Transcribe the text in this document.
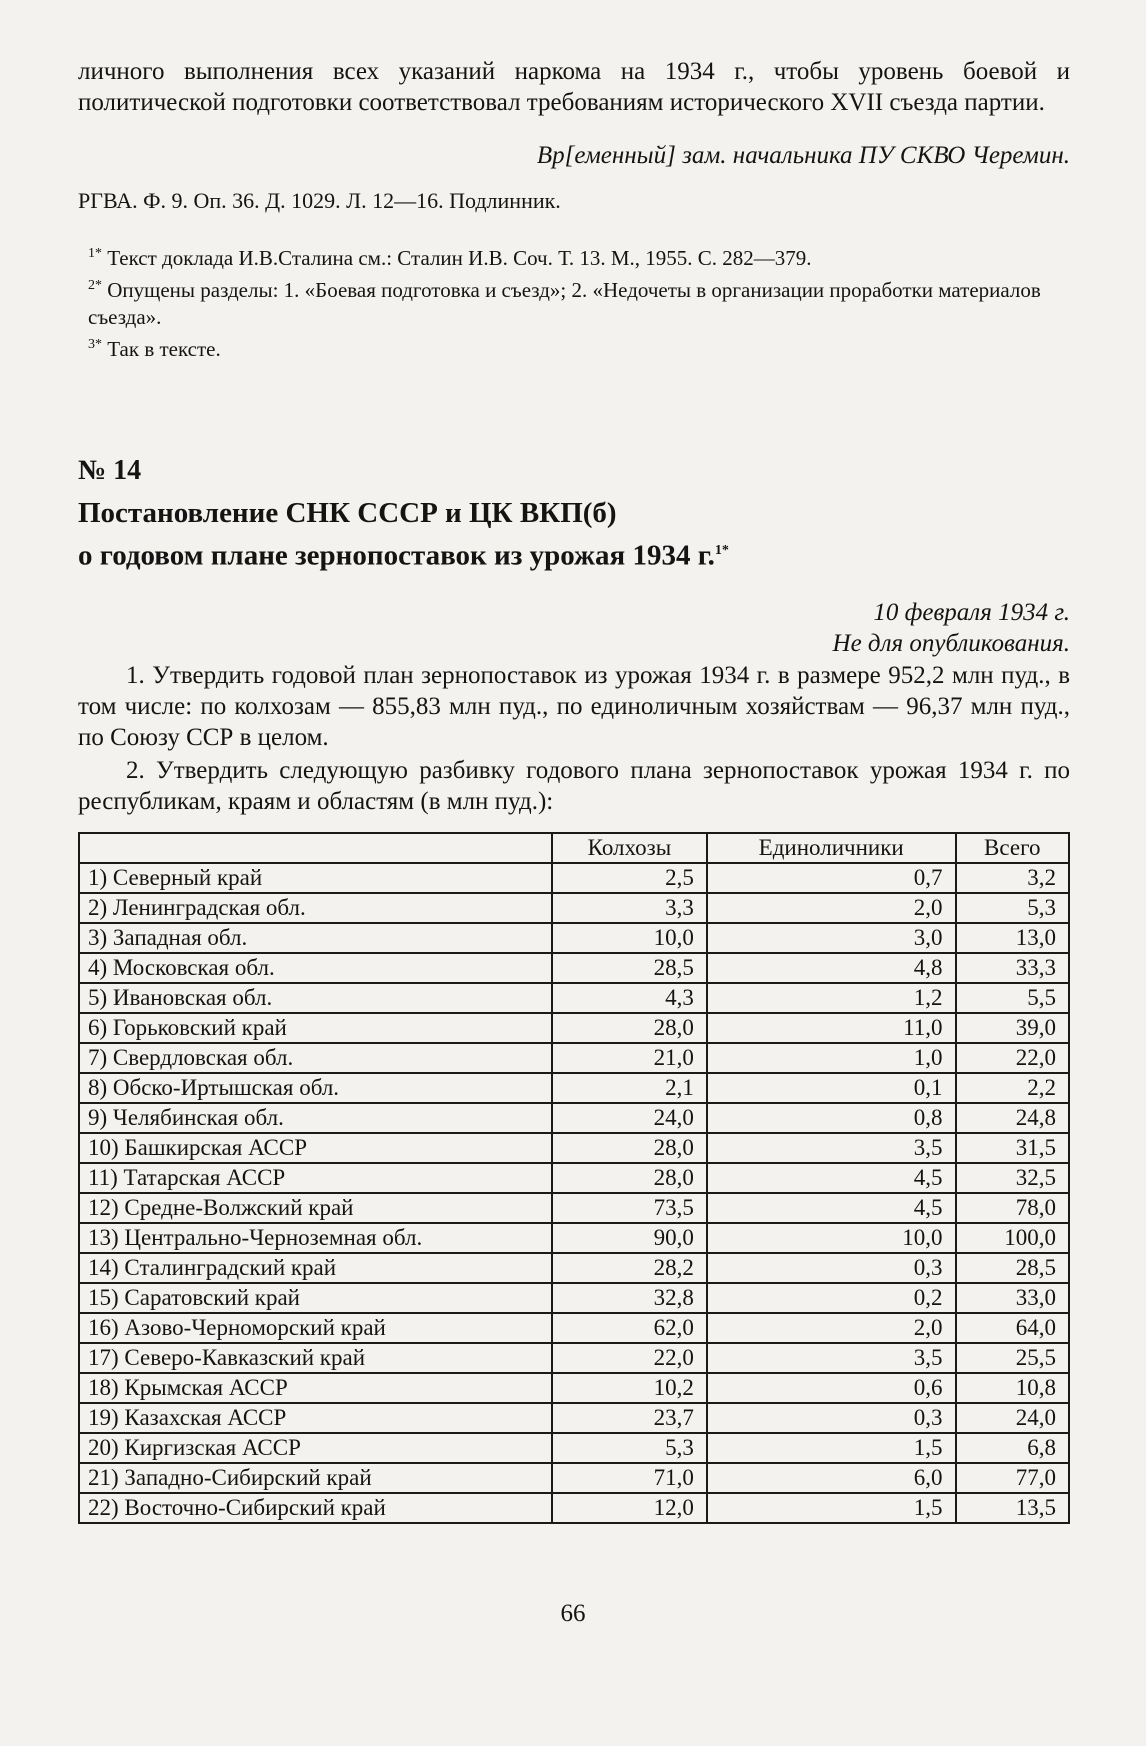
личного выполнения всех указаний наркома на 1934 г., чтобы уровень боевой и политической подготовки соответствовал требованиям исторического XVII съезда партии.

Вр[еменный] зам. начальника ПУ СКВО Черемин.

РГВА. Ф. 9. Оп. 36. Д. 1029. Л. 12—16. Подлинник.

$^{1*}$ Текст доклада И.В.Сталина см.: Сталин И.В. Соч. Т. 13. М., 1955. С. 282—379.

$^{2*}$ Опущены разделы: 1. «Боевая подготовка и съезд»; 2. «Недочеты в организации проработки материалов съезда».

$^{3*}$ Так в тексте.

№ 14

Постановление СНК СССР и ЦК ВКП(б)

о годовом плане зернопоставок из урожая 1934 г.$^{1*}$

10 февраля 1934 г.

Не для опубликования.

1. Утвердить годовой план зернопоставок из урожая 1934 г. в размере 952,2 млн пуд., в том числе: по колхозам — 855,83 млн пуд., по единоличным хозяйствам — 96,37 млн пуд., по Союзу ССР в целом.

2. Утвердить следующую разбивку годового плана зернопоставок урожая 1934 г. по республикам, краям и областям (в млн пуд.):

	Колхозы	Единоличники	Всего
1) Северный край	2,5	0,7	3,2
2) Ленинградская обл.	3,3	2,0	5,3
3) Западная обл.	10,0	3,0	13,0
4) Московская обл.	28,5	4,8	33,3
5) Ивановская обл.	4,3	1,2	5,5
6) Горьковский край	28,0	11,0	39,0
7) Свердловская обл.	21,0	1,0	22,0
8) Обско-Иртышская обл.	2,1	0,1	2,2
9) Челябинская обл.	24,0	0,8	24,8
10) Башкирская АССР	28,0	3,5	31,5
11) Татарская АССР	28,0	4,5	32,5
12) Средне-Волжский край	73,5	4,5	78,0
13) Центрально-Черноземная обл.	90,0	10,0	100,0
14) Сталинградский край	28,2	0,3	28,5
15) Саратовский край	32,8	0,2	33,0
16) Азово-Черноморский край	62,0	2,0	64,0
17) Северо-Кавказский край	22,0	3,5	25,5
18) Крымская АССР	10,2	0,6	10,8
19) Казахская АССР	23,7	0,3	24,0
20) Киргизская АССР	5,3	1,5	6,8
21) Западно-Сибирский край	71,0	6,0	77,0
22) Восточно-Сибирский край	12,0	1,5	13,5
66
